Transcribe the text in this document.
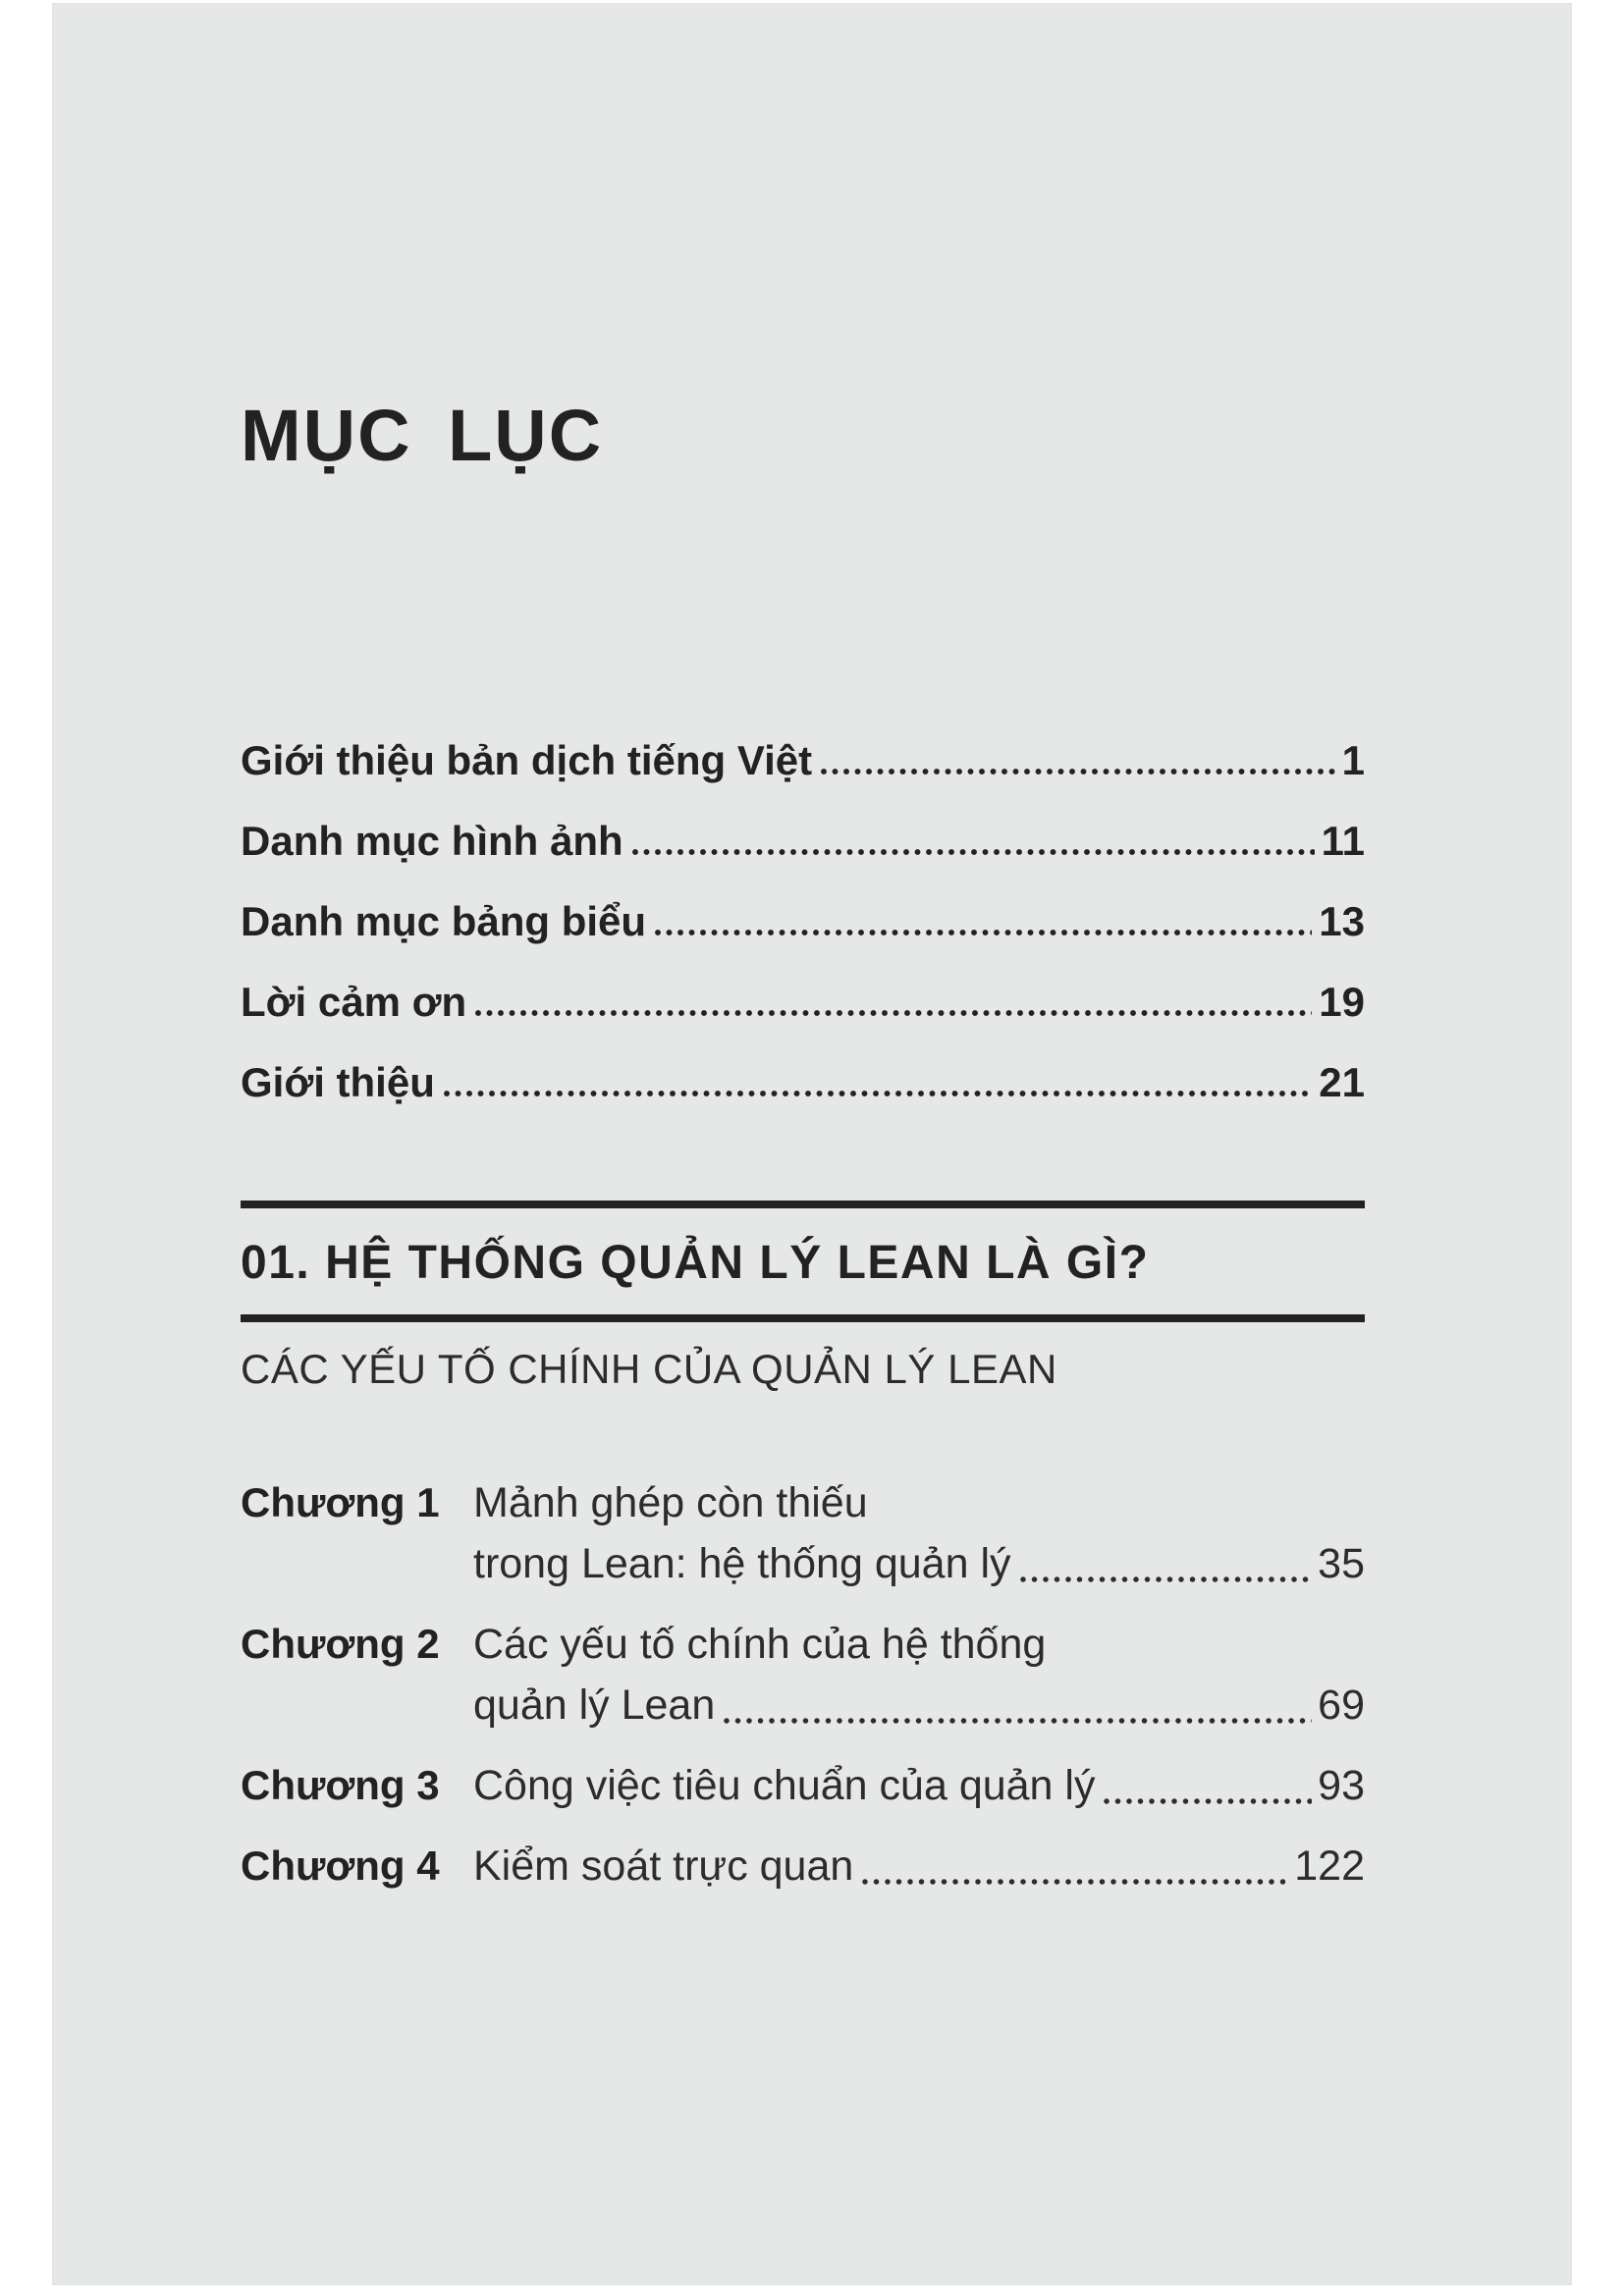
MỤC LỤC
Giới thiệu bản dịch tiếng Việt	1
Danh mục hình ảnh	11
Danh mục bảng biểu	13
Lời cảm ơn	19
Giới thiệu	21
01. HỆ THỐNG QUẢN LÝ LEAN LÀ GÌ?
CÁC YẾU TỐ CHÍNH CỦA QUẢN LÝ LEAN
Chương 1 Mảnh ghép còn thiếu
trong Lean: hệ thống quản lý	35
Chương 2 Các yếu tố chính của hệ thống
quản lý Lean	69
Chương 3 Công việc tiêu chuẩn của quản lý	93
Chương 4 Kiểm soát trực quan	122
